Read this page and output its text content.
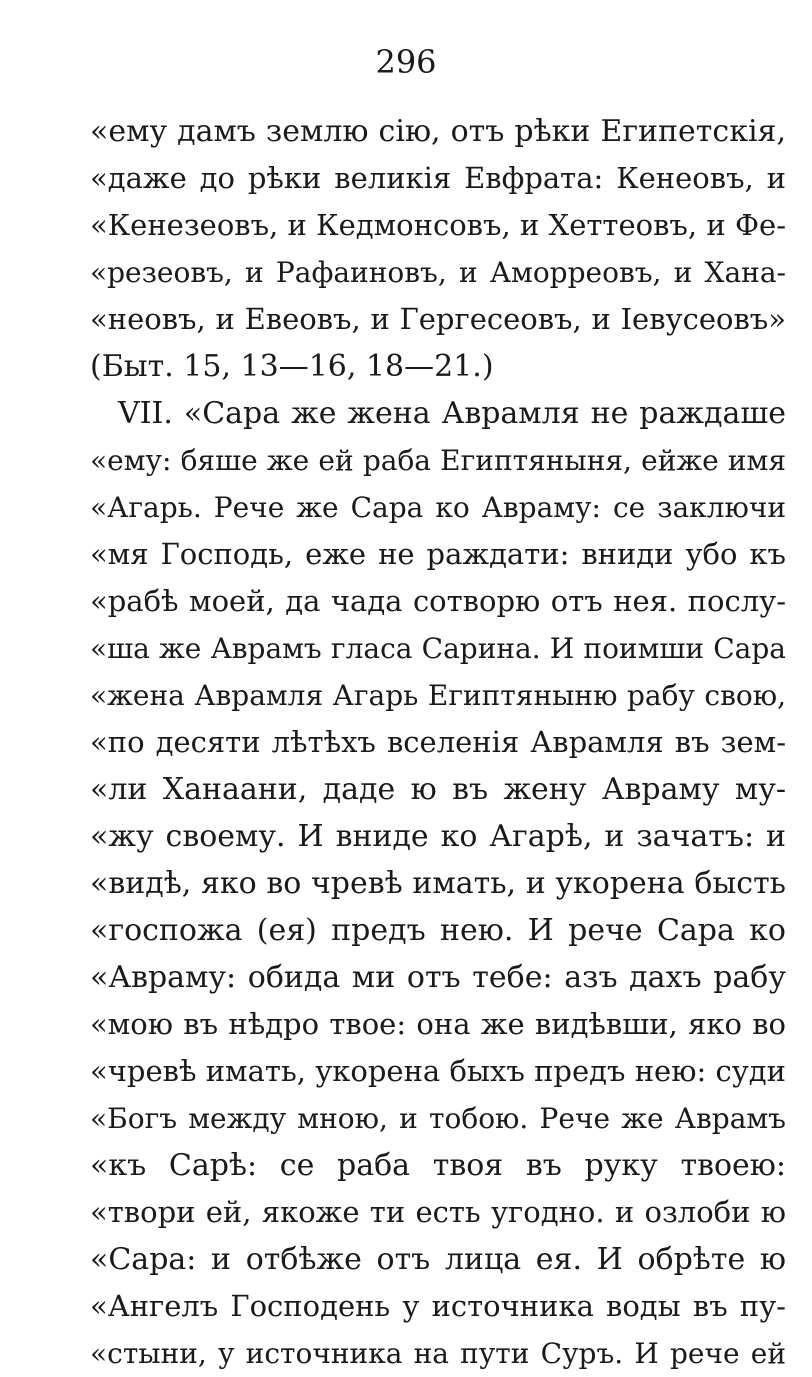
296
«ему дамъ землю сію, отъ рѣки Египетскія,
«даже до рѣки великія Евфрата: Кенеовъ, и
«Кенезеовъ, и Кедмонсовъ, и Хеттеовъ, и Фе-
«резеовъ, и Рафаиновъ, и Аморреовъ, и Хана-
«неовъ, и Евеовъ, и Гергесеовъ, и Іевусеовъ»
(Быт. 15, 13—16, 18—21.)
VII. «Сара же жена Аврамля не раждаше
«ему: бяше же ей раба Египтяныня, ейже имя
«Агарь. Рече же Сара ко Авраму: се заключи
«мя Господь, еже не раждати: вниди убо къ
«рабѣ моей, да чада сотворю отъ нея. послу-
«ша же Аврамъ гласа Сарина. И поимши Сара
«жена Аврамля Агарь Египтяныню рабу свою,
«по десяти лѣтѣхъ вселенія Аврамля въ зем-
«ли Ханаани, даде ю въ жену Авраму му-
«жу своему. И вниде ко Агарѣ, и зачатъ: и
«видѣ, яко во чревѣ имать, и укорена бысть
«госпожа (ея) предъ нею. И рече Сара ко
«Авраму: обида ми отъ тебе: азъ дахъ рабу
«мою въ нѣдро твое: она же видѣвши, яко во
«чревѣ имать, укорена быхъ предъ нею: суди
«Богъ между мною, и тобою. Рече же Аврамъ
«къ Сарѣ: се раба твоя въ руку твоею:
«твори ей, якоже ти есть угодно. и озлоби ю
«Сара: и отбѣже отъ лица ея. И обрѣте ю
«Ангелъ Господень у источника воды въ пу-
«стыни, у источника на пути Суръ. И рече ей
